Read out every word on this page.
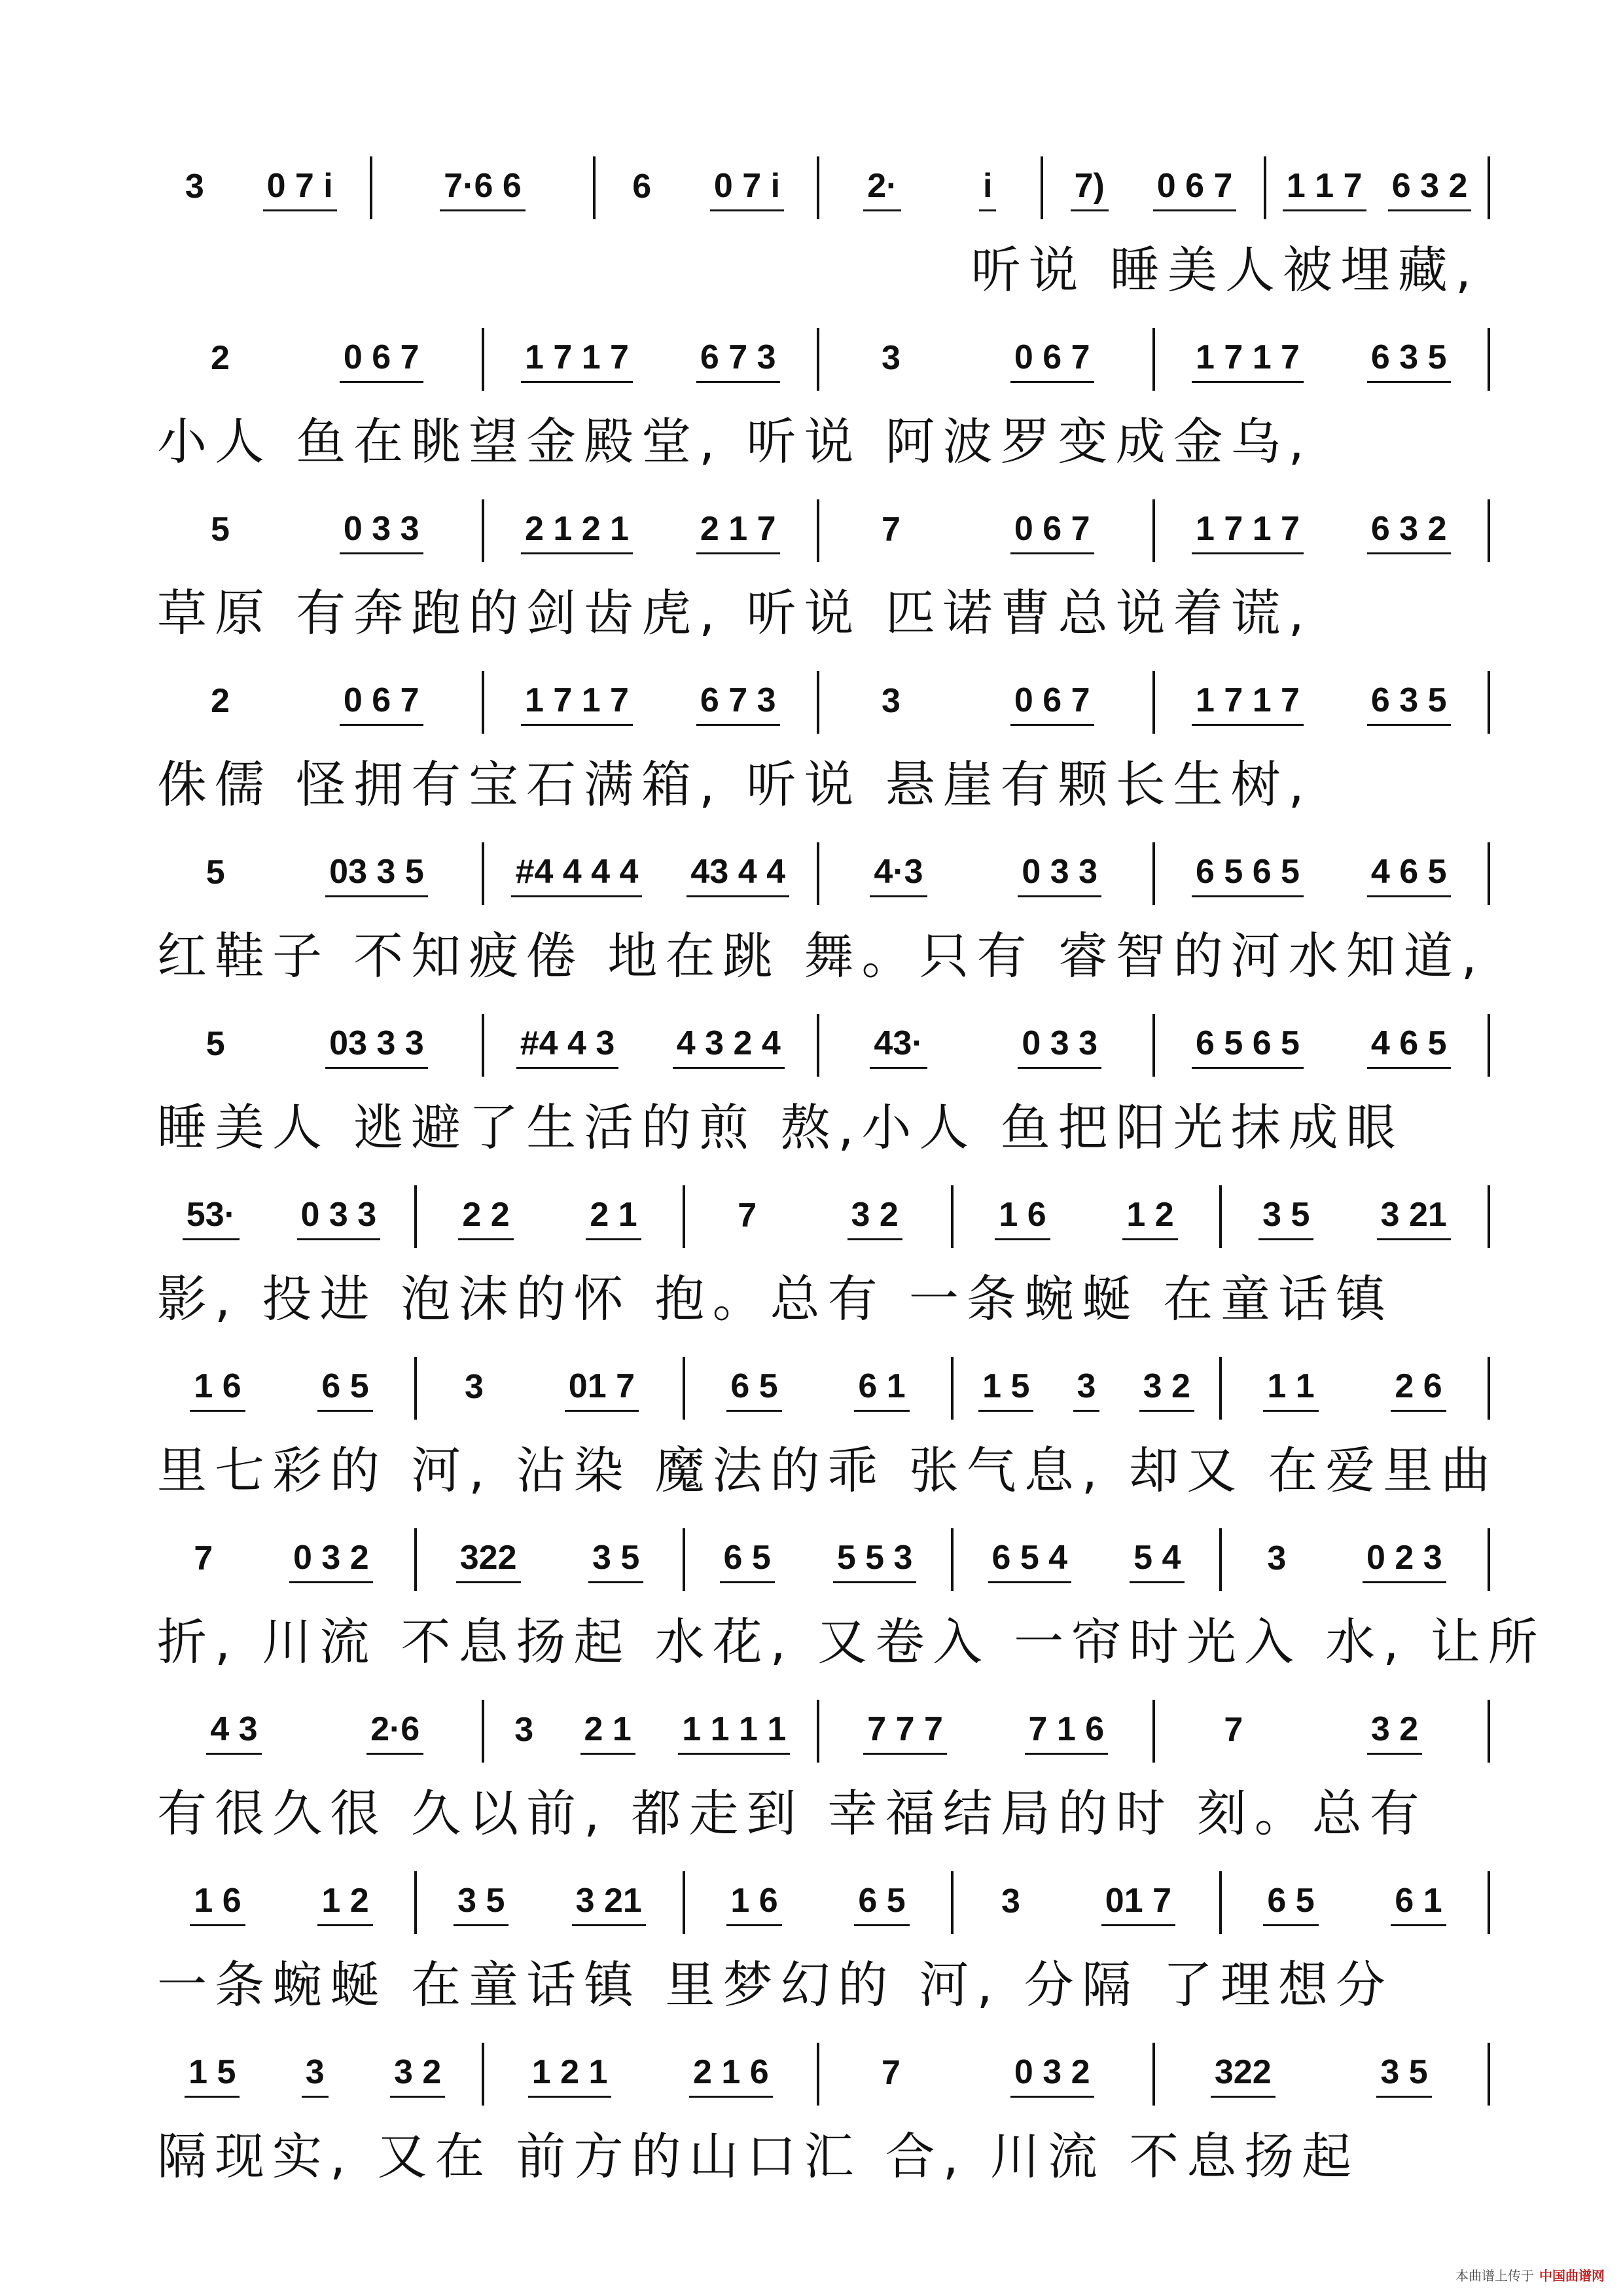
3 0 7 i	7·6 6	6 0 7 i	2·	i 7) 0 6 7 1 1 7 6 3 2
听说 睡美人被埋藏,
2	0 6 7	1 7 1 7 6 7 3	3	0 6 7	1 7 1 7 6 3 5
小人 鱼在眺望金殿堂, 听说 阿波罗变成金乌,
5	0 3 3	2 1 2 1 2 1 7	7	0 6 7	1 7 1 7 6 3 2
草原 有奔跑的剑齿虎, 听说 匹诺曹总说着谎,
2	0 6 7	1 7 1 7 6 7 3	3	0 6 7	1 7 1 7 6 3 5
侏儒 怪拥有宝石满箱, 听说 悬崖有颗长生树,
5	03 3 5	#4 4 4 4 43 4 4	4·3	0 3 3	6 5 6 5 4 6 5
红鞋子 不知疲倦 地在跳 舞。只有 睿智的河水知道,
5	03 3 3	#4 4 3 4 3 2 4	43·	0 3 3	6 5 6 5 4 6 5
睡美人 逃避了生活的煎 熬,小人 鱼把阳光抹成眼
53· 0 3 3	2 2 2 1	7	3 2	1 6 1 2	3 5 3 21
影, 投进 泡沫的怀 抱。总有 一条蜿蜒 在童话镇
1 6 6 5	3 01 7	6 5 6 1 1 5 3 3 2 1 1 2 6
里七彩的 河, 沾染 魔法的乖 张气息, 却又 在爱里曲
7 0 3 2	322 3 5 6 5 5 5 3 6 5 4 5 4	3 0 2 3
折, 川流 不息扬起 水花, 又卷入 一帘时光入 水, 让所
4 3	2·6	3 2 1 1 1 1 1 7 7 7	7 1 6	7	3 2
有很久很 久以前, 都走到 幸福结局的时 刻。总有
1 6 1 2	3 5 3 21	1 6 6 5	3 01 7	6 5 6 1
一条蜿蜒 在童话镇 里梦幻的 河, 分隔 了理想分
1 5 3 3 2	1 2 1	2 1 6	7	0 3 2	322	3 5
隔现实, 又在 前方的山口汇 合, 川流 不息扬起
本曲谱上传于 中国曲谱网
